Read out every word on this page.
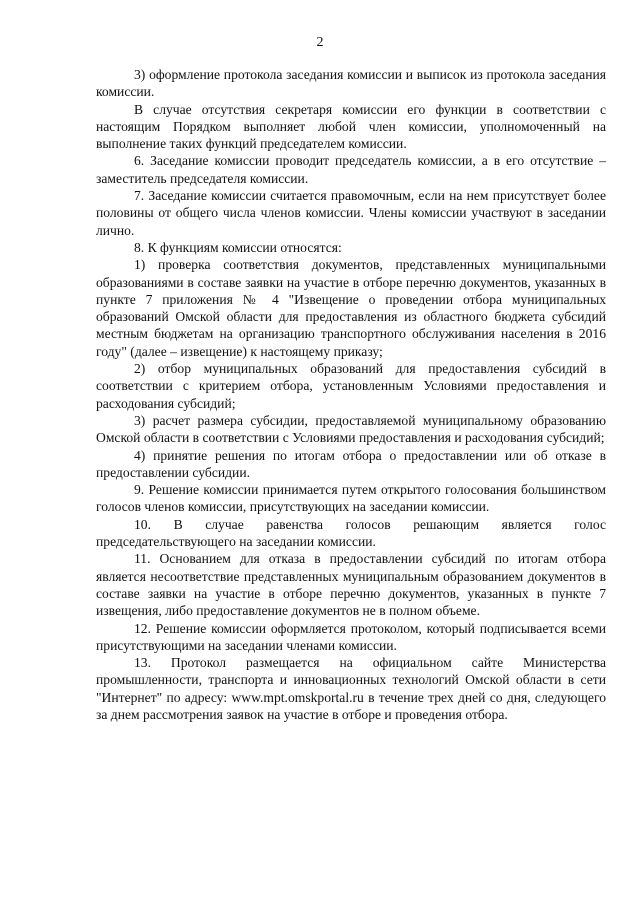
2

3) оформление протокола заседания комиссии и выписок из протокола заседания комиссии.

В случае отсутствия секретаря комиссии его функции в соответствии с настоящим Порядком выполняет любой член комиссии, уполномоченный на выполнение таких функций председателем комиссии.

6. Заседание комиссии проводит председатель комиссии, а в его отсутствие – заместитель председателя комиссии.

7. Заседание комиссии считается правомочным, если на нем присутствует более половины от общего числа членов комиссии. Члены комиссии участвуют в заседании лично.

8. К функциям комиссии относятся:

1) проверка соответствия документов, представленных муниципальными образованиями в составе заявки на участие в отборе перечню документов, указанных в пункте 7 приложения № 4 "Извещение о проведении отбора муниципальных образований Омской области для предоставления из областного бюджета субсидий местным бюджетам на организацию транспортного обслуживания населения в 2016 году" (далее – извещение) к настоящему приказу;

2) отбор муниципальных образований для предоставления субсидий в соответствии с критерием отбора, установленным Условиями предоставления и расходования субсидий;

3) расчет размера субсидии, предоставляемой муниципальному образованию Омской области в соответствии с Условиями предоставления и расходования субсидий;

4) принятие решения по итогам отбора о предоставлении или об отказе в предоставлении субсидии.

9. Решение комиссии принимается путем открытого голосования большинством голосов членов комиссии, присутствующих на заседании комиссии.

10. В случае равенства голосов решающим является голос председательствующего на заседании комиссии.

11. Основанием для отказа в предоставлении субсидий по итогам отбора является несоответствие представленных муниципальным образованием документов в составе заявки на участие в отборе перечню документов, указанных в пункте 7 извещения, либо предоставление документов не в полном объеме.

12. Решение комиссии оформляется протоколом, который подписывается всеми присутствующими на заседании членами комиссии.

13. Протокол размещается на официальном сайте Министерства промышленности, транспорта и инновационных технологий Омской области в сети "Интернет" по адресу: www.mpt.omskportal.ru в течение трех дней со дня, следующего за днем рассмотрения заявок на участие в отборе и проведения отбора.
